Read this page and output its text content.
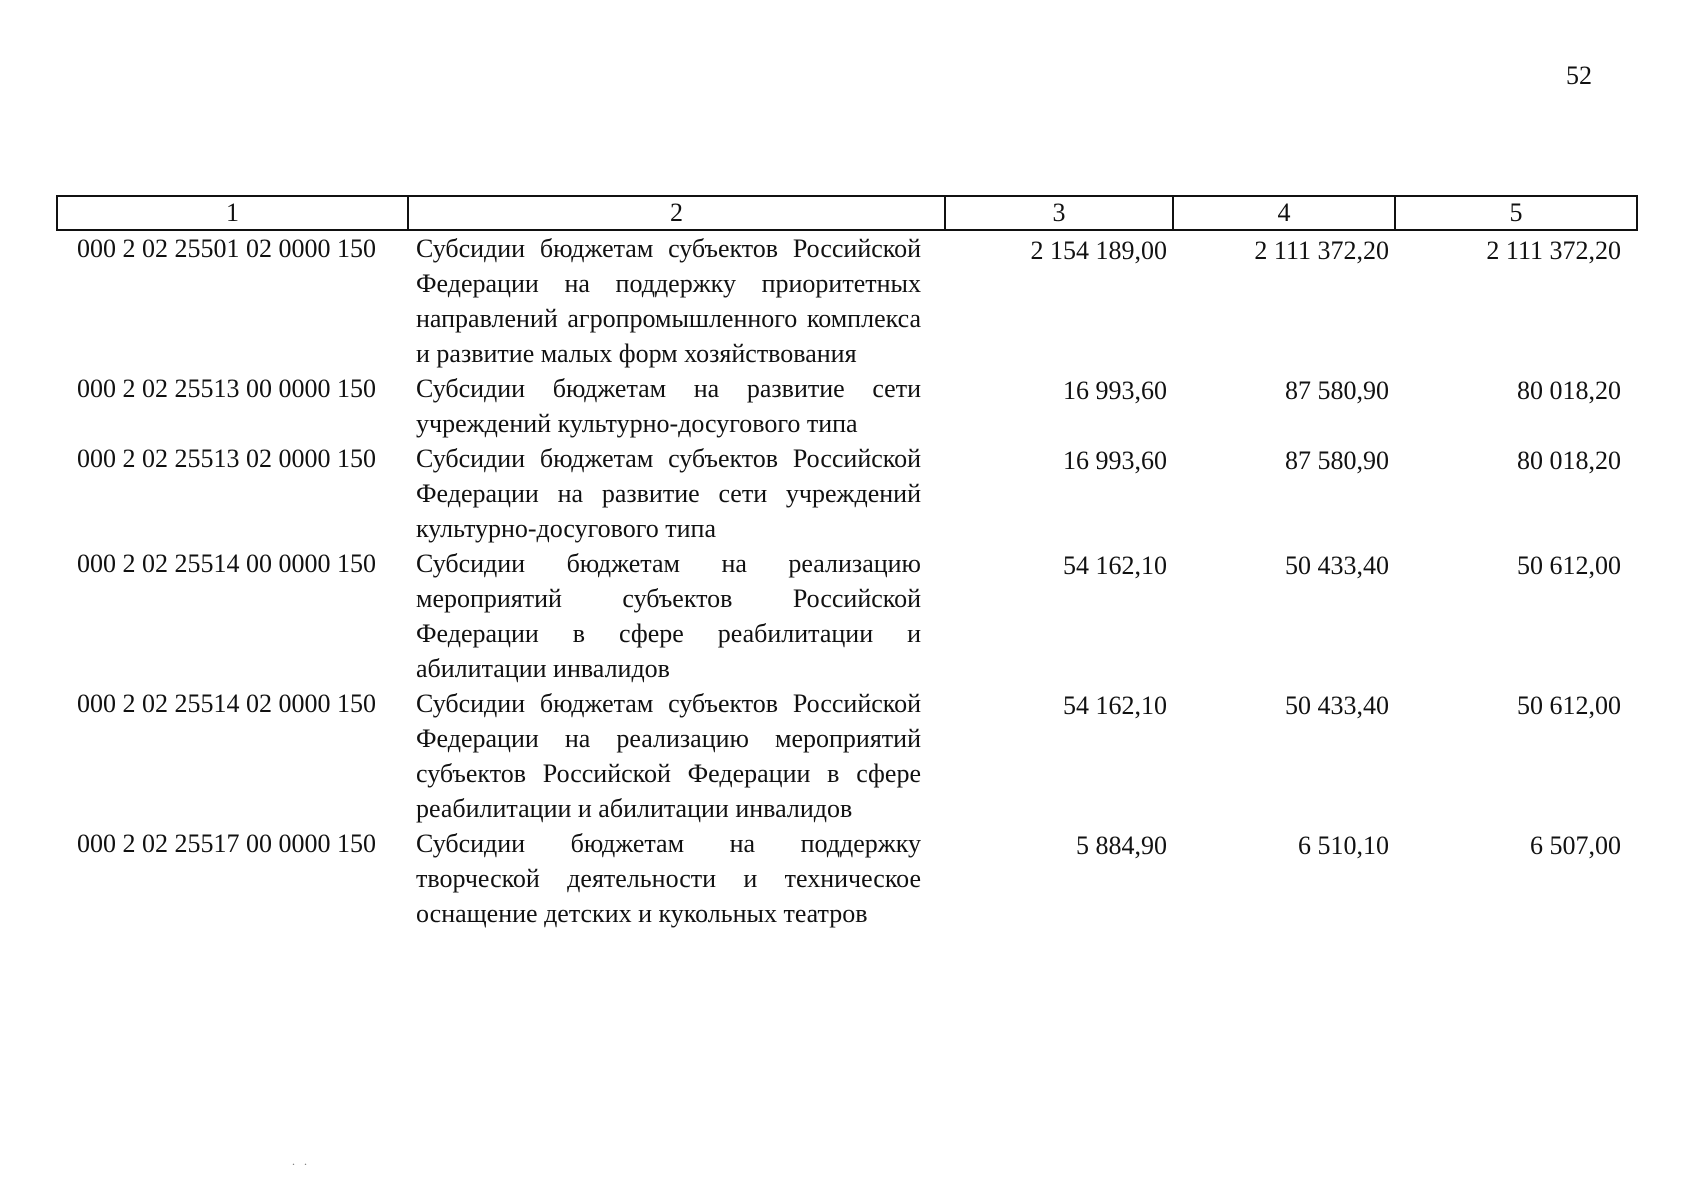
52
1	2	3	4	5
000 2 02 25501 02 0000 150	Субсидии бюджетам субъектов Российской Федерации на поддержку приоритетных направлений агропромышленного комплекса и развитие малых форм хозяйствования	2 154 189,00	2 111 372,20	2 111 372,20
000 2 02 25513 00 0000 150	Субсидии бюджетам на развитие сети учреждений культурно-досугового типа	16 993,60	87 580,90	80 018,20
000 2 02 25513 02 0000 150	Субсидии бюджетам субъектов Российской Федерации на развитие сети учреждений культурно-досугового типа	16 993,60	87 580,90	80 018,20
000 2 02 25514 00 0000 150	Субсидии бюджетам на реализацию мероприятий субъектов Российской Федерации в сфере реабилитации и абилитации инвалидов	54 162,10	50 433,40	50 612,00
000 2 02 25514 02 0000 150	Субсидии бюджетам субъектов Российской Федерации на реализацию мероприятий субъектов Российской Федерации в сфере реабилитации и абилитации инвалидов	54 162,10	50 433,40	50 612,00
000 2 02 25517 00 0000 150	Субсидии бюджетам на поддержку творческой деятельности и техническое оснащение детских и кукольных театров	5 884,90	6 510,10	6 507,00
. .
